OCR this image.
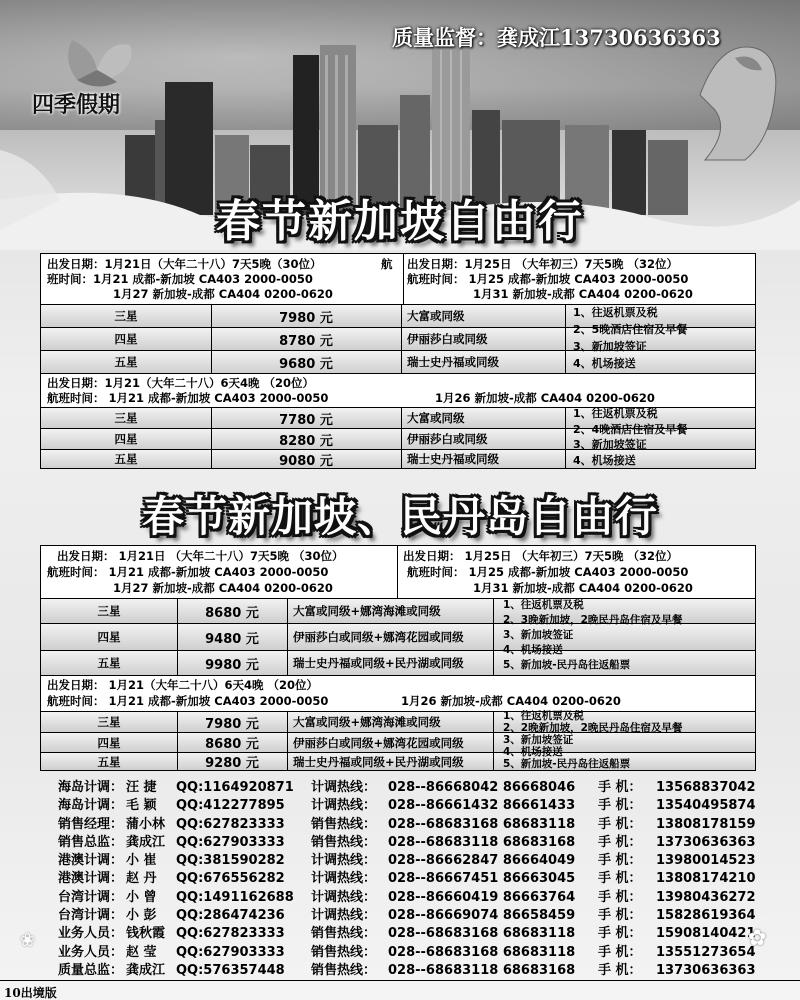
四季假期
质量监督：龚成江13730636363
春节新加坡自由行
出发日期：1月21日（大年二十八）7天5晚（30位）	航
班时间：1月21 成都-新加坡 CA403 2000-0050
1月27 新加坡-成都 CA404 0200-0620
出发日期：1月25日 （大年初三）7天5晚 （32位）
航班时间： 1月25 成都-新加坡 CA403 2000-0050
1月31 新加坡-成都 CA404 0200-0620
三星	7980 元	大富或同级
四星	8780 元	伊丽莎白或同级
五星	9680 元	瑞士史丹福或同级
1、往返机票及税
2、5晚酒店住宿及早餐
3、新加坡签证
4、机场接送
出发日期：1月21（大年二十八）6天4晚 （20位）
航班时间： 1月21 成都-新加坡 CA403 2000-0050	1月26 新加坡-成都 CA404 0200-0620
三星	7780 元	大富或同级
四星	8280 元	伊丽莎白或同级
五星	9080 元	瑞士史丹福或同级
1、往返机票及税
2、4晚酒店住宿及早餐
3、新加坡签证
4、机场接送
春节新加坡、民丹岛自由行
出发日期： 1月21日 （大年二十八）7天5晚 （30位）
航班时间： 1月21 成都-新加坡 CA403 2000-0050
1月27 新加坡-成都 CA404 0200-0620
出发日期： 1月25日 （大年初三）7天5晚 （32位）
航班时间： 1月25 成都-新加坡 CA403 2000-0050
1月31 新加坡-成都 CA404 0200-0620
三星	8680 元	大富或同级+娜湾海滩或同级
四星	9480 元	伊丽莎白或同级+娜湾花园或同级
五星	9980 元	瑞士史丹福或同级+民丹湖或同级
1、往返机票及税
2、3晚新加坡，2晚民丹岛住宿及早餐
3、新加坡签证
4、机场接送
5、新加坡-民丹岛往返船票
出发日期： 1月21（大年二十八）6天4晚 （20位）
航班时间： 1月21 成都-新加坡 CA403 2000-0050	1月26 新加坡-成都 CA404 0200-0620
三星	7980 元	大富或同级+娜湾海滩或同级
四星	8680 元	伊丽莎白或同级+娜湾花园或同级
五星	9280 元	瑞士史丹福或同级+民丹湖或同级
1、往返机票及税
2、2晚新加坡，2晚民丹岛住宿及早餐
3、新加坡签证
4、机场接送
5、新加坡-民丹岛往返船票
海岛计调： 汪 捷 QQ:1164920871 计调热线： 028--86668042 86668046 手 机： 13568837042
海岛计调： 毛 颖 QQ:412277895 计调热线： 028--86661432 86661433 手 机： 13540495874
销售经理： 蒲小林 QQ:627823333 销售热线： 028--68683168 68683118 手 机： 13808178159
销售总监： 龚成江 QQ:627903333 销售热线： 028--68683118 68683168 手 机： 13730636363
港澳计调： 小 崔 QQ:381590282 计调热线： 028--86662847 86664049 手 机： 13980014523
港澳计调： 赵 丹 QQ:676556282 计调热线： 028--86667451 86663045 手 机： 13808174210
台湾计调： 小 曾 QQ:1491162688 计调热线： 028--86660419 86663764 手 机： 13980436272
台湾计调： 小 彭 QQ:286474236 计调热线： 028--86669074 86658459 手 机： 15828619364
业务人员： 钱秋霞 QQ:627823333 销售热线： 028--68683168 68683118 手 机： 15908140421
业务人员： 赵 莹 QQ:627903333 销售热线： 028--68683168 68683118 手 机： 13551273654
质量总监： 龚成江 QQ:576357448 销售热线： 028--68683118 68683168 手 机： 13730636363
✿
❀
10出境版
